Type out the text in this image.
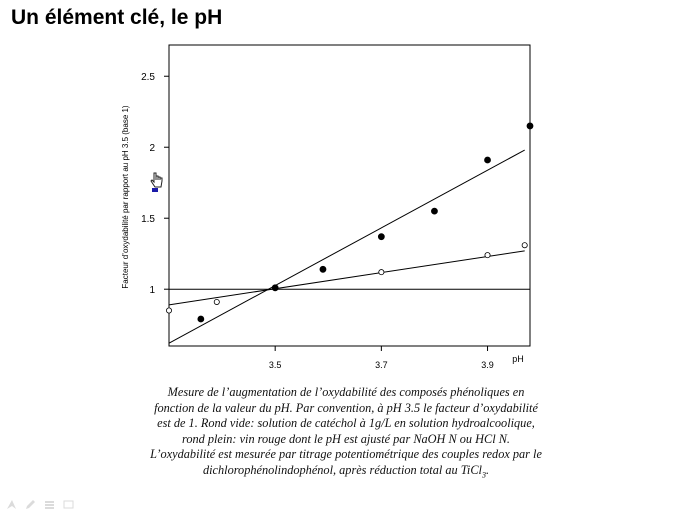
Un élément clé, le pH
1
1.5
2
2.5
3.5	3.7	3.9
pH
Facteur d’oxydabilité par rapport au pH 3.5 (base 1)
Mesure de l’augmentation de l’oxydabilité des composés phénoliques en fonction de la valeur du pH. Par convention, à pH 3.5 le facteur d’oxydabilité est de 1. Rond vide: solution de catéchol à 1g/L en solution hydroalcoolique, rond plein: vin rouge dont le pH est ajusté par NaOH N ou HCl N. L’oxydabilité est mesurée par titrage potentiométrique des couples redox par le dichlorophénolindophénol, après réduction total au TiCl$_3$.
